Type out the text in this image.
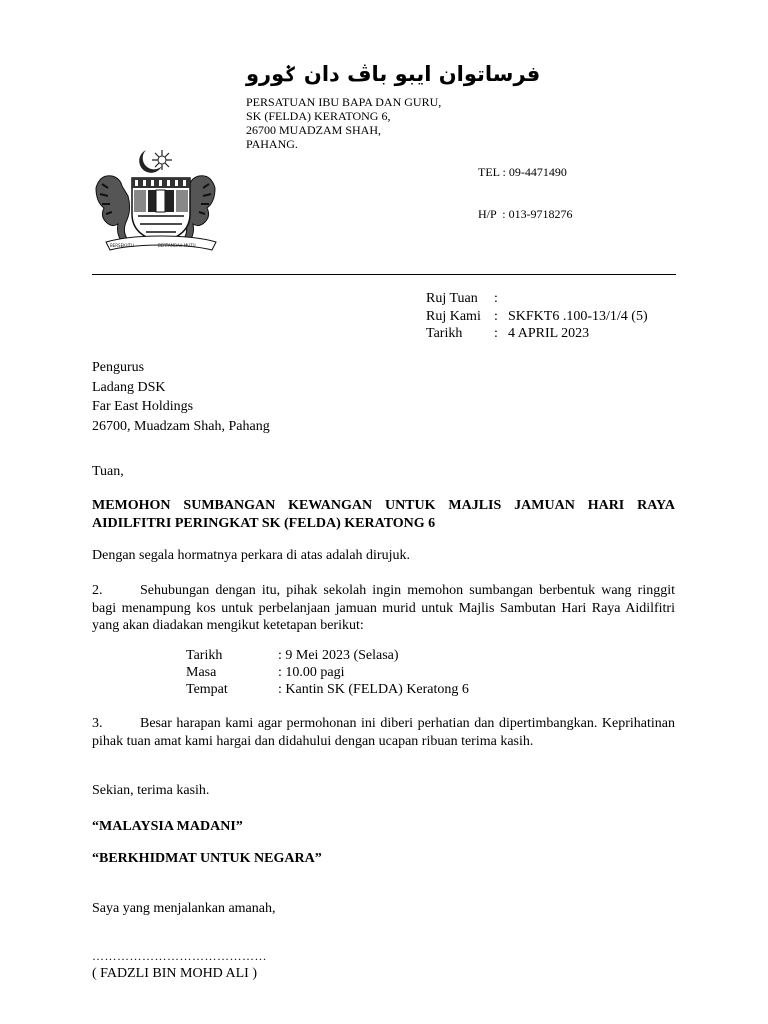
فرساتوان ايبو باڤ دان ݢورو
PERSATUAN IBU BAPA DAN GURU,
SK (FELDA) KERATONG 6,
26700 MUADZAM SHAH,
PAHANG.

TEL : 09-4471490

H/P  : 013-9718276

BERSEKUTU	BERTAMBAH MUTU
Ruj Tuan	:
Ruj Kami : SKFKT6 .100-13/1/4 (5)
Tarikh	: 4 APRIL 2023
Pengurus
Ladang DSK
Far East Holdings
26700, Muadzam Shah, Pahang
Tuan,
MEMOHON SUMBANGAN KEWANGAN UNTUK MAJLIS JAMUAN HARI RAYA AIDILFITRI PERINGKAT SK (FELDA) KERATONG 6
Dengan segala hormatnya perkara di atas adalah dirujuk.
2.	Sehubungan dengan itu, pihak sekolah ingin memohon sumbangan berbentuk wang ringgit bagi menampung kos untuk perbelanjaan jamuan murid untuk Majlis Sambutan Hari Raya Aidilfitri yang akan diadakan mengikut ketetapan berikut:
Tarikh	: 9 Mei 2023 (Selasa)
Masa	: 10.00 pagi
Tempat	: Kantin SK (FELDA) Keratong 6
3.	Besar harapan kami agar permohonan ini diberi perhatian dan dipertimbangkan. Keprihatinan pihak tuan amat kami hargai dan didahului dengan ucapan ribuan terima kasih.
Sekian, terima kasih.
“MALAYSIA MADANI”
“BERKHIDMAT UNTUK NEGARA”
Saya yang menjalankan amanah,
……………………………………
( FADZLI BIN MOHD ALI )
